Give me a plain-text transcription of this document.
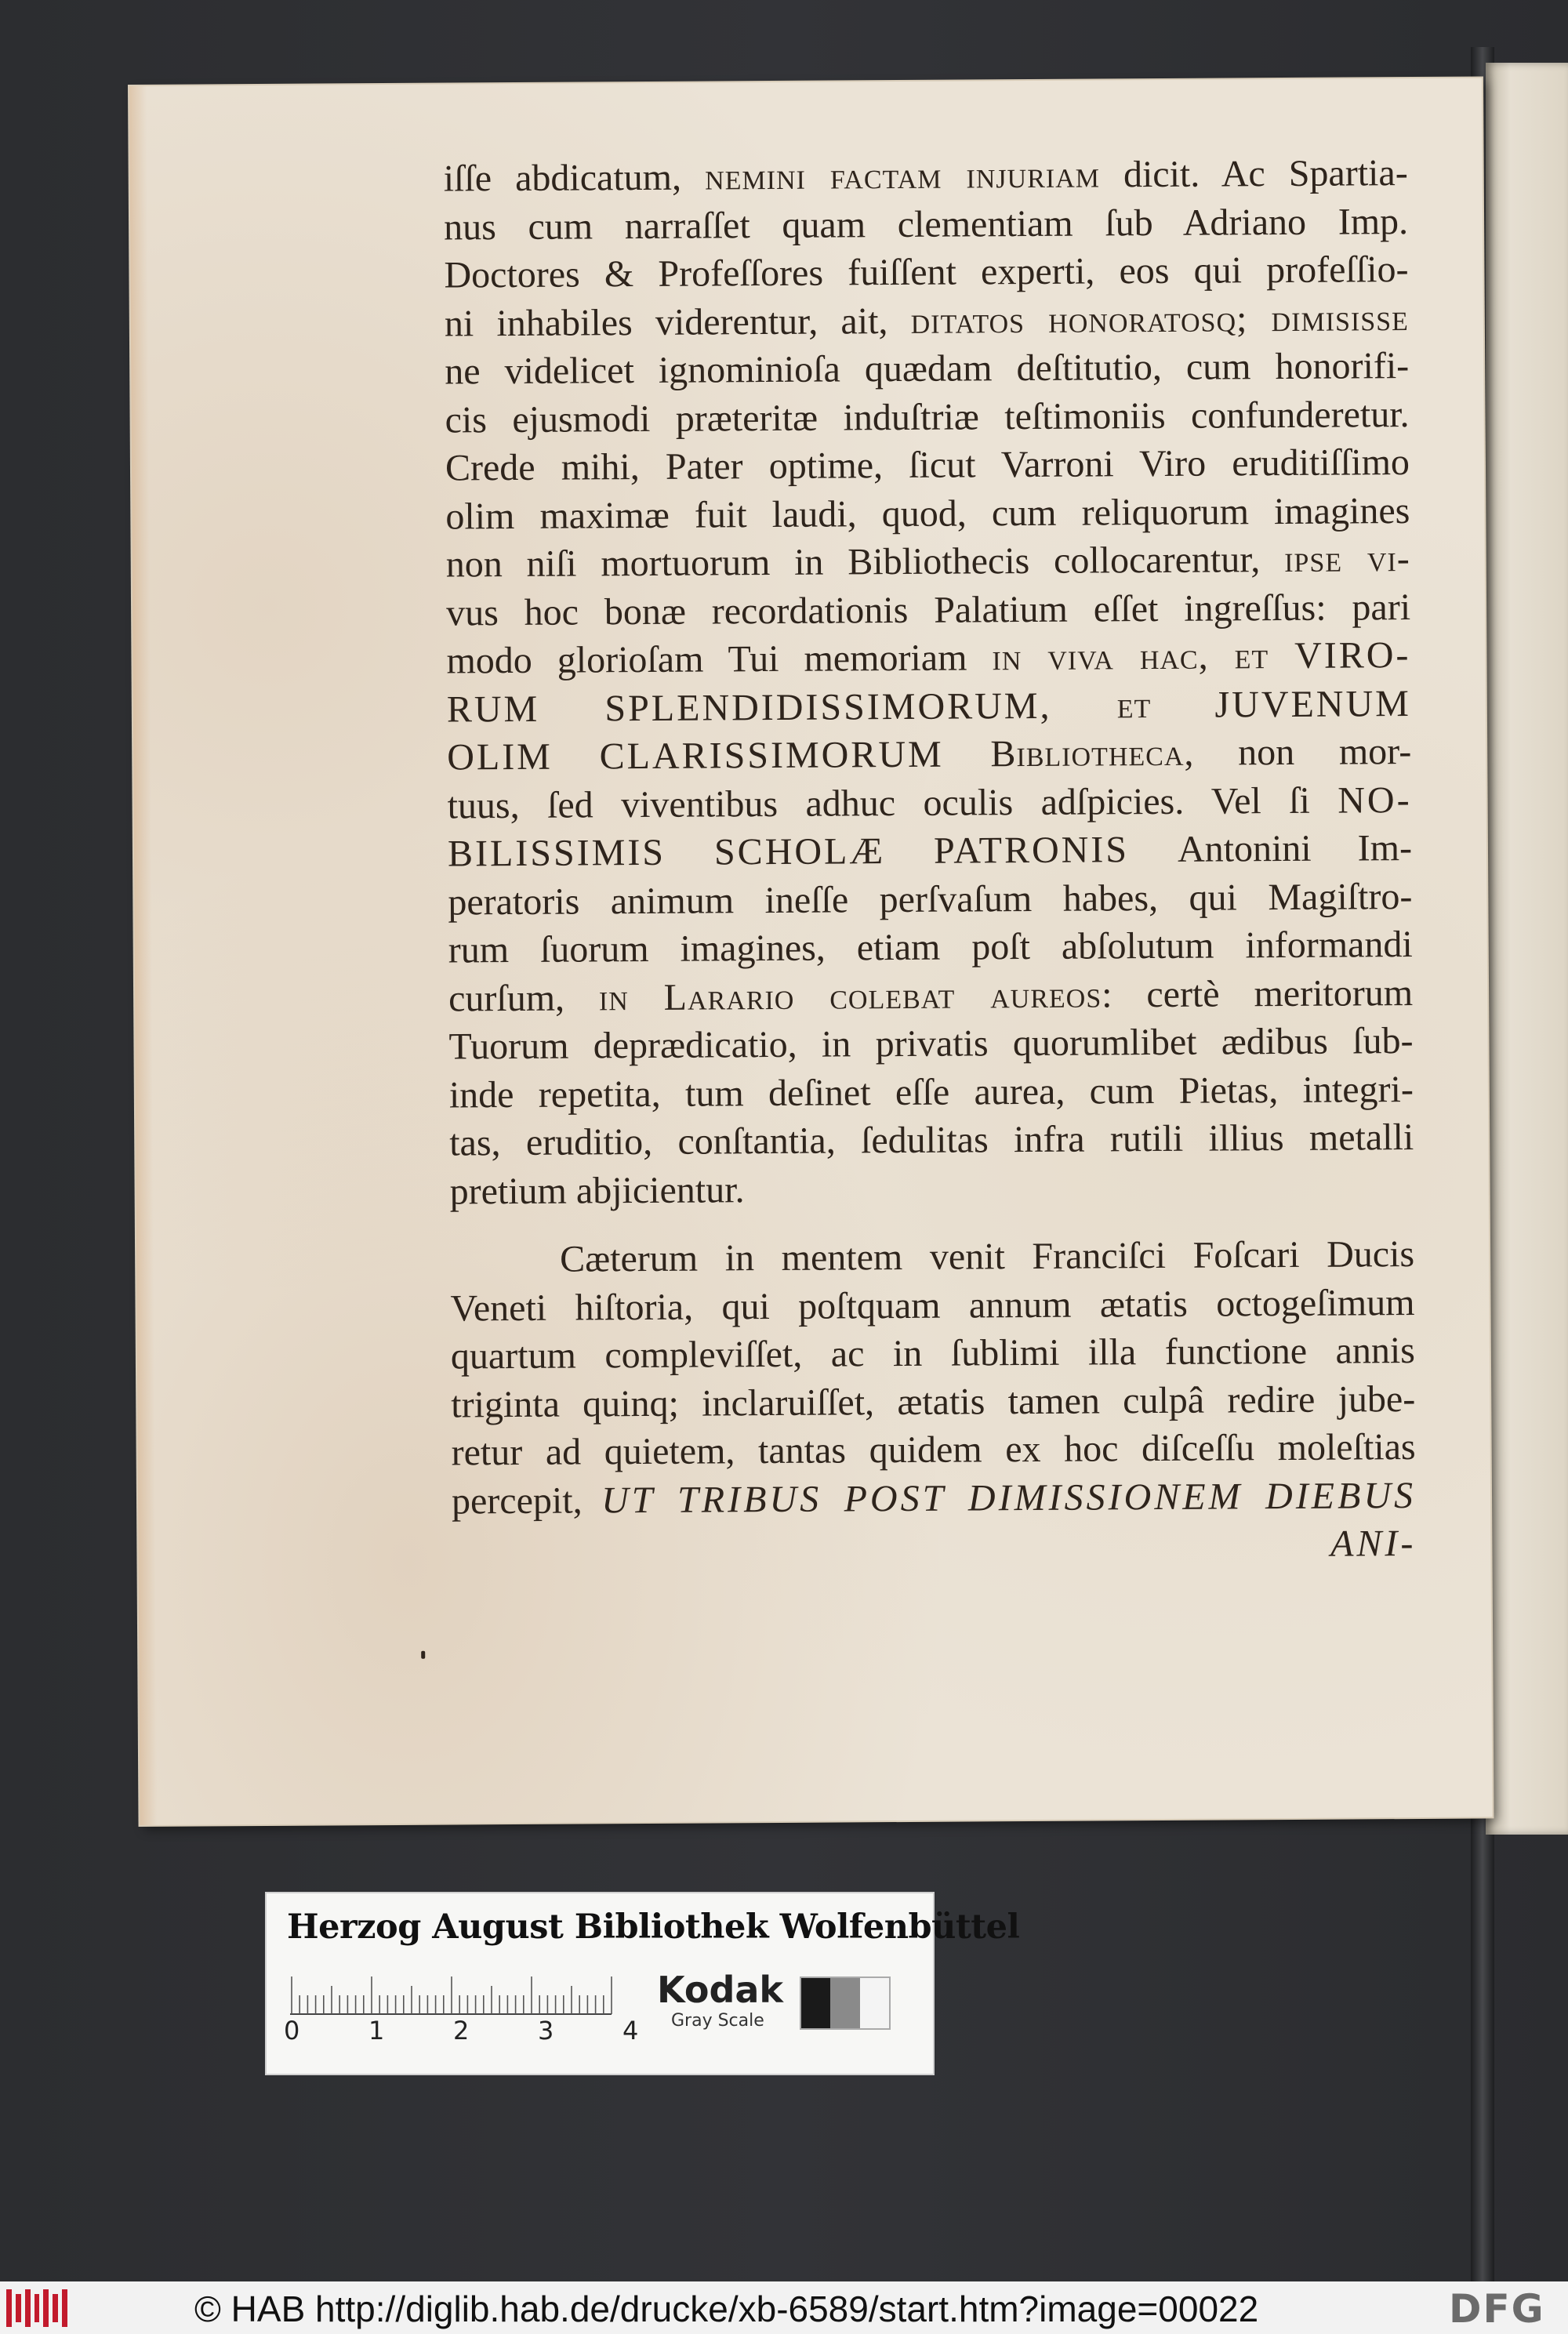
iſſe abdicatum, nemini factam injuriam dicit. Ac Spartia-
nus cum narraſſet quam clementiam ſub Adriano Imp.
Doctores & Profeſſores fuiſſent experti, eos qui profeſſio-
ni inhabiles viderentur, ait, ditatos honoratosq; dimisisse
ne videlicet ignominioſa quædam deſtitutio, cum honorifi-
cis ejusmodi præteritæ induſtriæ teſtimoniis confunderetur.
Crede mihi, Pater optime, ſicut Varroni Viro eruditiſſimo
olim maximæ fuit laudi, quod, cum reliquorum imagines
non niſi mortuorum in Bibliothecis collocarentur, ipse vi-
vus hoc bonæ recordationis Palatium eſſet ingreſſus: pari
modo glorioſam Tui memoriam in viva hac, et VIRO-
RUM SPLENDIDISSIMORUM, et JUVENUM
OLIM CLARISSIMORUM Bibliotheca, non mor-
tuus, ſed viventibus adhuc oculis adſpicies. Vel ſi NO-
BILISSIMIS SCHOLÆ PATRONIS Antonini Im-
peratoris animum ineſſe perſvaſum habes, qui Magiſtro-
rum ſuorum imagines, etiam poſt abſolutum informandi
curſum, in Larario colebat aureos: certè meritorum
Tuorum deprædicatio, in privatis quorumlibet ædibus ſub-
inde repetita, tum deſinet eſſe aurea, cum Pietas, integri-
tas, eruditio, conſtantia, ſedulitas infra rutili illius metalli
pretium abjicientur.
Cæterum in mentem venit Franciſci Foſcari Ducis
Veneti hiſtoria, qui poſtquam annum ætatis octogeſimum
quartum compleviſſet, ac in ſublimi illa functione annis
triginta quinq; inclaruiſſet, ætatis tamen culpâ redire jube-
retur ad quietem, tantas quidem ex hoc diſceſſu moleſtias
percepit, UT TRIBUS POST DIMISSIONEM DIEBUS
ANI-
Herzog August Bibliothek Wolfenbüttel
0	1	2	3	4
Kodak
Gray Scale
© HAB http://diglib.hab.de/drucke/xb-6589/start.htm?image=00022	DFG
